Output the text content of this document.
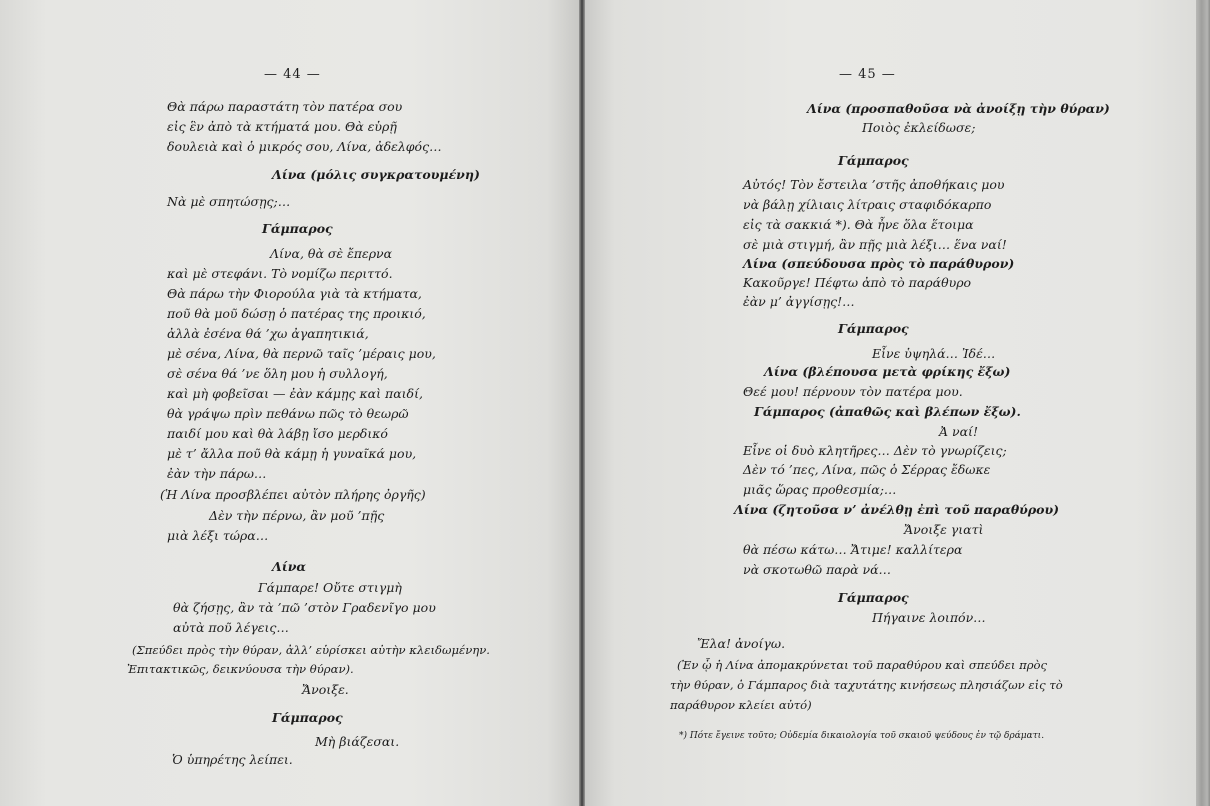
— 44 —
Θὰ πάρω παραστάτη τὸν πατέρα σου
εἰς ἓν ἀπὸ τὰ κτήματά μου. Θὰ εὑρῇ
δουλειὰ καὶ ὁ μικρός σου, Λίνα, ἀδελφός…
Λίνα (μόλις συγκρατουμένη)
Νὰ μὲ σπητώσῃς;…
Γάμπαρος
Λίνα, θὰ σὲ ἔπερνα
καὶ μὲ στεφάνι. Τὸ νομίζω περιττό.
Θὰ πάρω τὴν Φιορούλα γιὰ τὰ κτήματα,
ποῦ θὰ μοῦ δώσῃ ὁ πατέρας της προικιό,
ἀλλὰ ἐσένα θά ’χω ἀγαπητικιά,
μὲ σένα, Λίνα, θὰ περνῶ ταῖς ’μέραις μου,
σὲ σένα θά ’νε ὅλη μου ἡ συλλογή,
καὶ μὴ φοβεῖσαι — ἐὰν κάμῃς καὶ παιδί,
θὰ γράψω πρὶν πεθάνω πῶς τὸ θεωρῶ
παιδί μου καὶ θὰ λάβῃ ἴσο μερδικό
μὲ τ’ ἄλλα ποῦ θὰ κάμῃ ἡ γυναῖκά μου,
ἐὰν τὴν πάρω…
(Ἡ Λίνα προσβλέπει αὐτὸν πλήρης ὀργῆς)
Δὲν τὴν πέρνω, ἂν μοῦ ’πῇς
μιὰ λέξι τώρα…
Λίνα
Γάμπαρε! Οὔτε στιγμὴ
θὰ ζήσῃς, ἂν τὰ ’πῶ ’στὸν Γραδενῖγο μου
αὐτὰ ποῦ λέγεις…
(Σπεύδει πρὸς τὴν θύραν, ἀλλ’ εὑρίσκει αὐτὴν κλειδωμένην.
Ἐπιτακτικῶς, δεικνύουσα τὴν θύραν).
Ἄνοιξε.
Γάμπαρος
Μὴ βιάζεσαι.
Ὁ ὑπηρέτης λείπει.
— 45 —
Λίνα (προσπαθοῦσα νὰ ἀνοίξῃ τὴν θύραν)
Ποιὸς ἐκλείδωσε;
Γάμπαρος
Αὐτός! Τὸν ἔστειλα ’στῆς ἀποθήκαις μου
νὰ βάλῃ χίλιαις λίτραις σταφιδόκαρπο
εἰς τὰ σακκιά *). Θὰ ἦνε ὅλα ἕτοιμα
σὲ μιὰ στιγμή, ἂν πῇς μιὰ λέξι… ἕνα ναί!
Λίνα (σπεύδουσα πρὸς τὸ παράθυρον)
Κακοῦργε! Πέφτω ἀπὸ τὸ παράθυρο
ἐὰν μ’ ἀγγίσῃς!…
Γάμπαρος
Εἶνε ὑψηλά… Ἰδέ…
Λίνα (βλέπουσα μετὰ φρίκης ἔξω)
Θεέ μου! πέρνουν τὸν πατέρα μου.
Γάμπαρος (ἀπαθῶς καὶ βλέπων ἔξω).
Ἀ ναί!
Εἶνε οἱ δυὸ κλητῆρες… Δὲν τὸ γνωρίζεις;
Δὲν τό ’πες, Λίνα, πῶς ὁ Σέρρας ἔδωκε
μιᾶς ὥρας προθεσμία;…
Λίνα (ζητοῦσα ν’ ἀνέλθῃ ἐπὶ τοῦ παραθύρου)
Ἄνοιξε γιατὶ
θὰ πέσω κάτω… Ἄτιμε! καλλίτερα
νὰ σκοτωθῶ παρὰ νά…
Γάμπαρος
Πήγαινε λοιπόν…
Ἔλα! ἀνοίγω.
(Ἐν ᾧ ἡ Λίνα ἀπομακρύνεται τοῦ παραθύρου καὶ σπεύδει πρὸς
τὴν θύραν, ὁ Γάμπαρος διὰ ταχυτάτης κινήσεως πλησιάζων εἰς τὸ
παράθυρον κλείει αὐτό)
*) Πότε ἔγεινε τοῦτο; Οὐδεμία δικαιολογία τοῦ σκαιοῦ ψεύδους ἐν τῷ δράματι.
